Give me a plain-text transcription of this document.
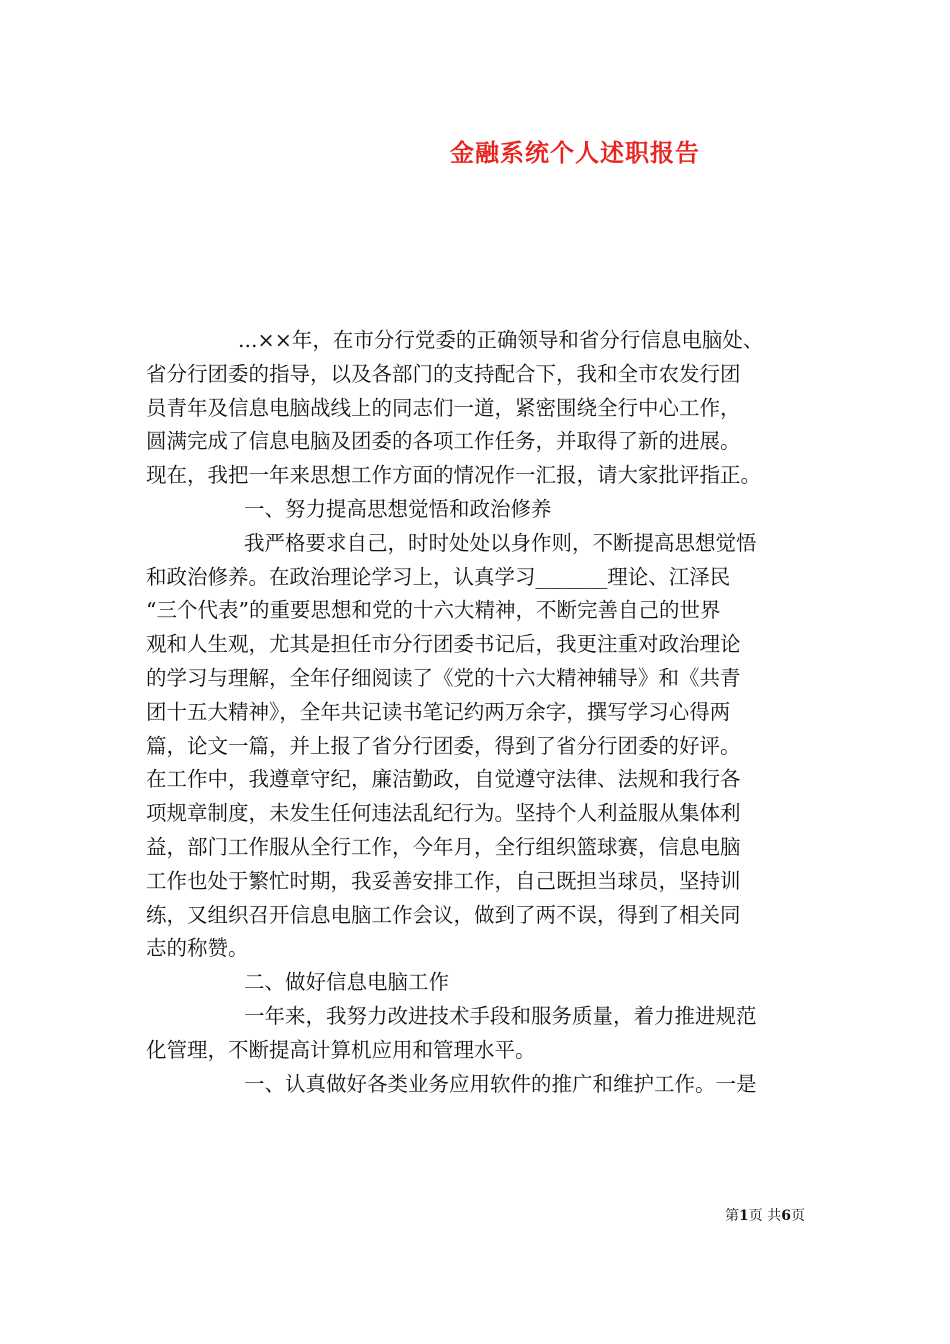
金融系统个人述职报告
...××年，在市分行党委的正确领导和省分行信息电脑处、
省分行团委的指导，以及各部门的支持配合下，我和全市农发行团
员青年及信息电脑战线上的同志们一道，紧密围绕全行中心工作，
圆满完成了信息电脑及团委的各项工作任务，并取得了新的进展。
现在，我把一年来思想工作方面的情况作一汇报，请大家批评指正。
一、努力提高思想觉悟和政治修养
我严格要求自己，时时处处以身作则，不断提高思想觉悟
和政治修养。在政治理论学习上，认真学习_______理论、江泽民
“三个代表”的重要思想和党的十六大精神，不断完善自己的世界
观和人生观，尤其是担任市分行团委书记后，我更注重对政治理论
的学习与理解，全年仔细阅读了《党的十六大精神辅导》和《共青
团十五大精神》，全年共记读书笔记约两万余字，撰写学习心得两
篇，论文一篇，并上报了省分行团委，得到了省分行团委的好评。
在工作中，我遵章守纪，廉洁勤政，自觉遵守法律、法规和我行各
项规章制度，未发生任何违法乱纪行为。坚持个人利益服从集体利
益，部门工作服从全行工作，今年月，全行组织篮球赛，信息电脑
工作也处于繁忙时期，我妥善安排工作，自己既担当球员，坚持训
练，又组织召开信息电脑工作会议，做到了两不误，得到了相关同
志的称赞。
二、做好信息电脑工作
一年来，我努力改进技术手段和服务质量，着力推进规范
化管理，不断提高计算机应用和管理水平。
一、认真做好各类业务应用软件的推广和维护工作。一是
第1页 共6页
